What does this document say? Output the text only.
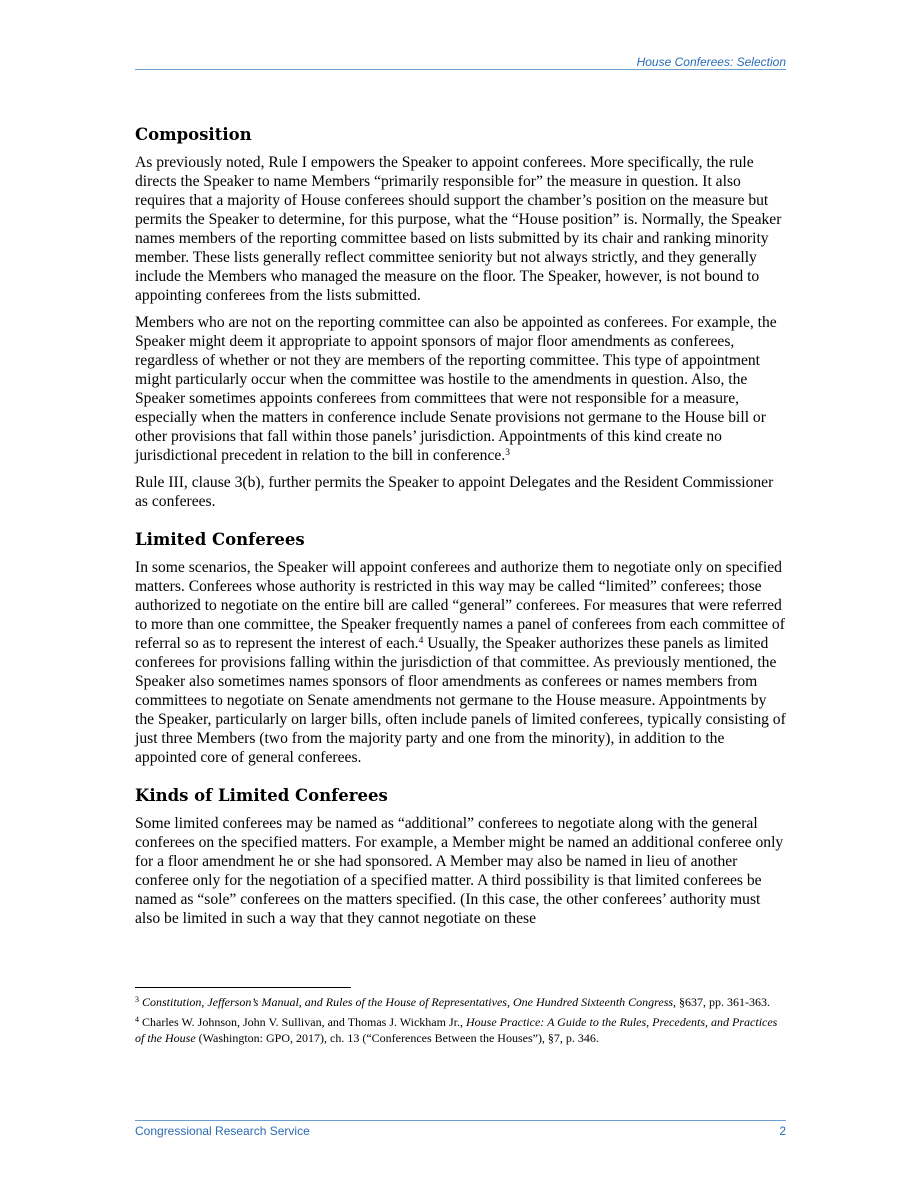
House Conferees: Selection
Composition

As previously noted, Rule I empowers the Speaker to appoint conferees. More specifically, the rule directs the Speaker to name Members “primarily responsible for” the measure in question. It also requires that a majority of House conferees should support the chamber’s position on the measure but permits the Speaker to determine, for this purpose, what the “House position” is. Normally, the Speaker names members of the reporting committee based on lists submitted by its chair and ranking minority member. These lists generally reflect committee seniority but not always strictly, and they generally include the Members who managed the measure on the floor. The Speaker, however, is not bound to appointing conferees from the lists submitted.

Members who are not on the reporting committee can also be appointed as conferees. For example, the Speaker might deem it appropriate to appoint sponsors of major floor amendments as conferees, regardless of whether or not they are members of the reporting committee. This type of appointment might particularly occur when the committee was hostile to the amendments in question. Also, the Speaker sometimes appoints conferees from committees that were not responsible for a measure, especially when the matters in conference include Senate provisions not germane to the House bill or other provisions that fall within those panels’ jurisdiction. Appointments of this kind create no jurisdictional precedent in relation to the bill in conference.$^3$

Rule III, clause 3(b), further permits the Speaker to appoint Delegates and the Resident Commissioner as conferees.

Limited Conferees

In some scenarios, the Speaker will appoint conferees and authorize them to negotiate only on specified matters. Conferees whose authority is restricted in this way may be called “limited” conferees; those authorized to negotiate on the entire bill are called “general” conferees. For measures that were referred to more than one committee, the Speaker frequently names a panel of conferees from each committee of referral so as to represent the interest of each.$^4$ Usually, the Speaker authorizes these panels as limited conferees for provisions falling within the jurisdiction of that committee. As previously mentioned, the Speaker also sometimes names sponsors of floor amendments as conferees or names members from committees to negotiate on Senate amendments not germane to the House measure. Appointments by the Speaker, particularly on larger bills, often include panels of limited conferees, typically consisting of just three Members (two from the majority party and one from the minority), in addition to the appointed core of general conferees.

Kinds of Limited Conferees

Some limited conferees may be named as “additional” conferees to negotiate along with the general conferees on the specified matters. For example, a Member might be named an additional conferee only for a floor amendment he or she had sponsored. A Member may also be named in lieu of another conferee only for the negotiation of a specified matter. A third possibility is that limited conferees be named as “sole” conferees on the matters specified. (In this case, the other conferees’ authority must also be limited in such a way that they cannot negotiate on these

$^3$ Constitution, Jefferson’s Manual, and Rules of the House of Representatives, One Hundred Sixteenth Congress, §637, pp. 361-363.

$^4$ Charles W. Johnson, John V. Sullivan, and Thomas J. Wickham Jr., House Practice: A Guide to the Rules, Precedents, and Practices of the House (Washington: GPO, 2017), ch. 13 (“Conferences Between the Houses”), §7, p. 346.

Congressional Research Service	2
